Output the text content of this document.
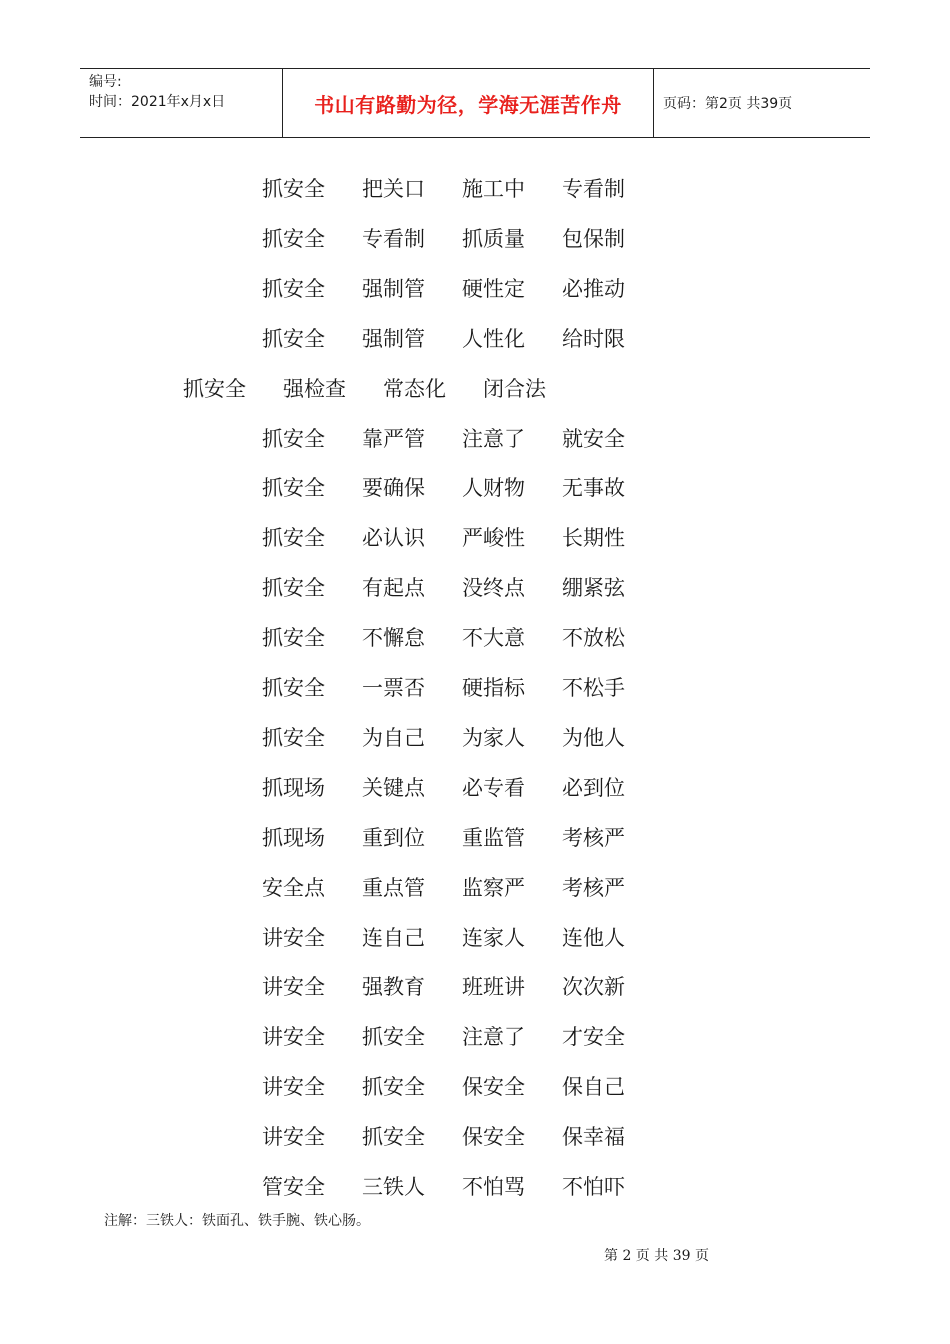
编号:
时间：2021年x月x日	书山有路勤为径，学海无涯苦作舟	页码：第2页 共39页
抓安全	把关口	施工中	专看制
抓安全	专看制	抓质量	包保制
抓安全	强制管	硬性定	必推动
抓安全	强制管	人性化	给时限
抓安全	强检查	常态化	闭合法
抓安全	靠严管	注意了	就安全
抓安全	要确保	人财物	无事故
抓安全	必认识	严峻性	长期性
抓安全	有起点	没终点	绷紧弦
抓安全	不懈怠	不大意	不放松
抓安全	一票否	硬指标	不松手
抓安全	为自己	为家人	为他人
抓现场	关键点	必专看	必到位
抓现场	重到位	重监管	考核严
安全点	重点管	监察严	考核严
讲安全	连自己	连家人	连他人
讲安全	强教育	班班讲	次次新
讲安全	抓安全	注意了	才安全
讲安全	抓安全	保安全	保自己
讲安全	抓安全	保安全	保幸福
管安全	三铁人	不怕骂	不怕吓
注解：三铁人：铁面孔、铁手腕、铁心肠。
第 2 页 共 39 页
